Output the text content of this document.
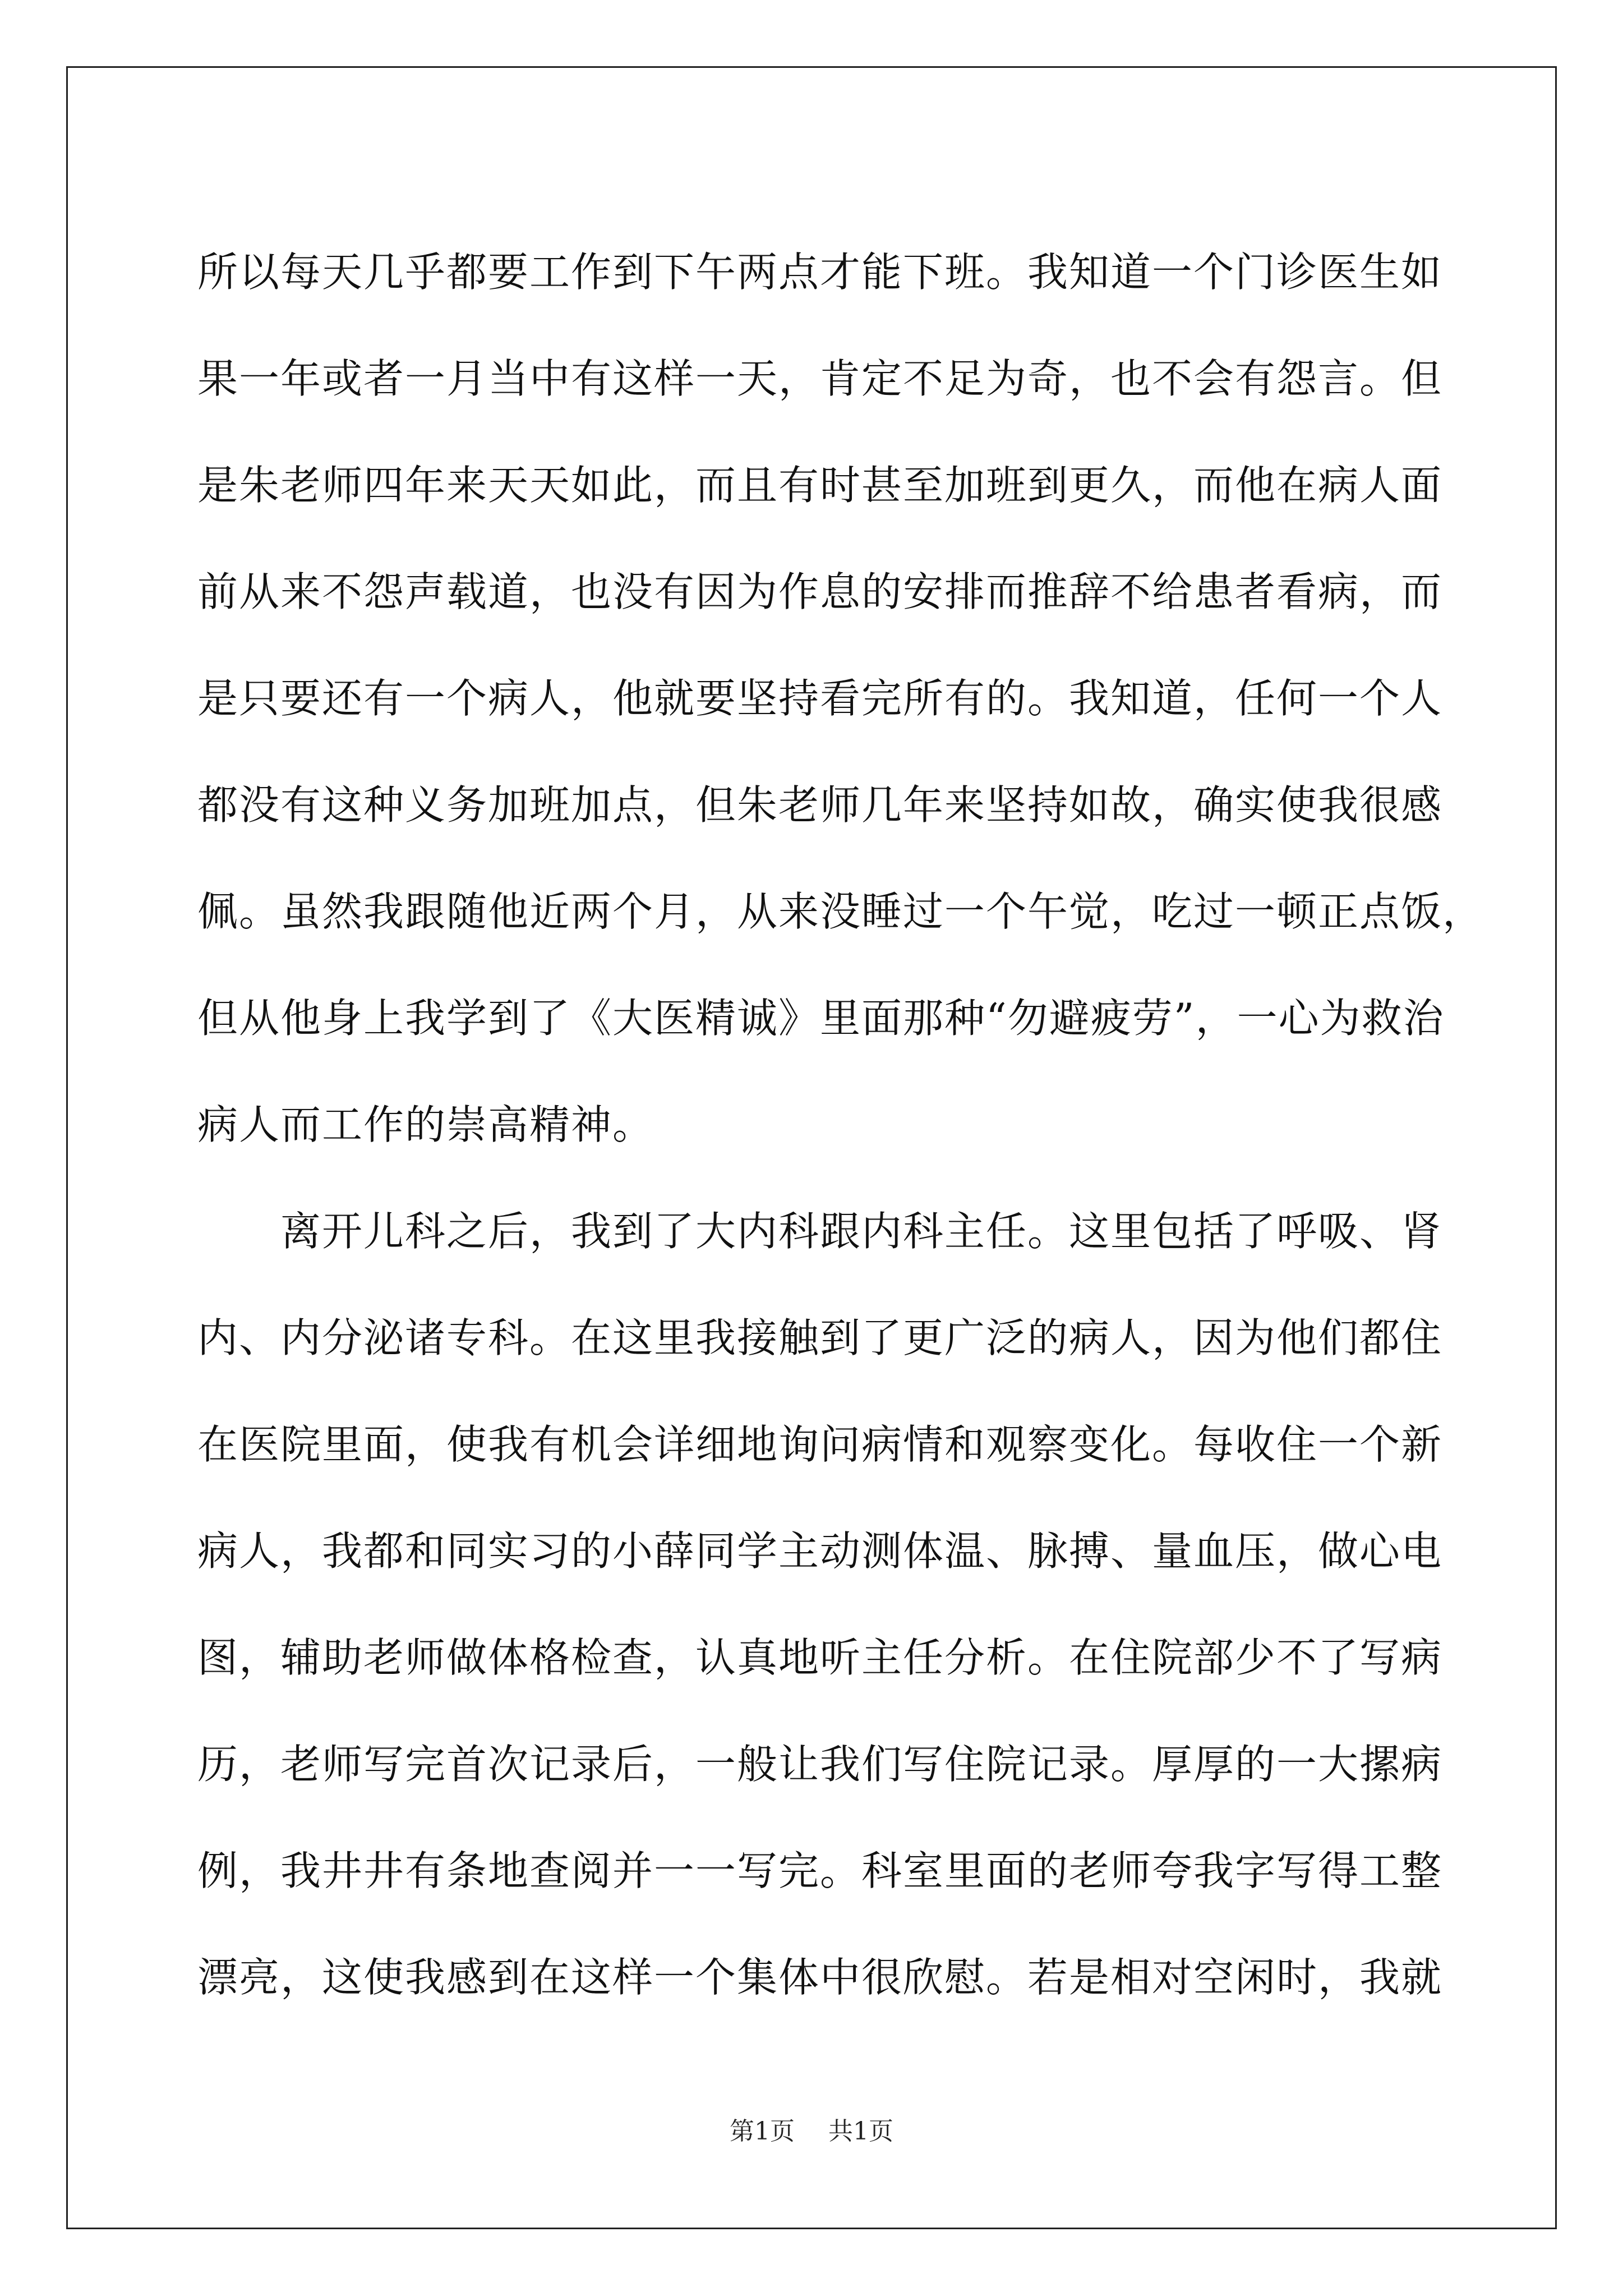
所以每天几乎都要工作到下午两点才能下班。我知道一个门诊医生如
果一年或者一月当中有这样一天，肯定不足为奇，也不会有怨言。但
是朱老师四年来天天如此，而且有时甚至加班到更久，而他在病人面
前从来不怨声载道，也没有因为作息的安排而推辞不给患者看病，而
是只要还有一个病人，他就要坚持看完所有的。我知道，任何一个人
都没有这种义务加班加点，但朱老师几年来坚持如故，确实使我很感
佩。虽然我跟随他近两个月，从来没睡过一个午觉，吃过一顿正点饭，
但从他身上我学到了《大医精诚》里面那种“勿避疲劳”，一心为救治
病人而工作的崇高精神。
　　离开儿科之后，我到了大内科跟内科主任。这里包括了呼吸、肾
内、内分泌诸专科。在这里我接触到了更广泛的病人，因为他们都住
在医院里面，使我有机会详细地询问病情和观察变化。每收住一个新
病人，我都和同实习的小薛同学主动测体温、脉搏、量血压，做心电
图，辅助老师做体格检查，认真地听主任分析。在住院部少不了写病
历，老师写完首次记录后，一般让我们写住院记录。厚厚的一大摞病
例，我井井有条地查阅并一一写完。科室里面的老师夸我字写得工整
漂亮，这使我感到在这样一个集体中很欣慰。若是相对空闲时，我就
第1页 共1页
